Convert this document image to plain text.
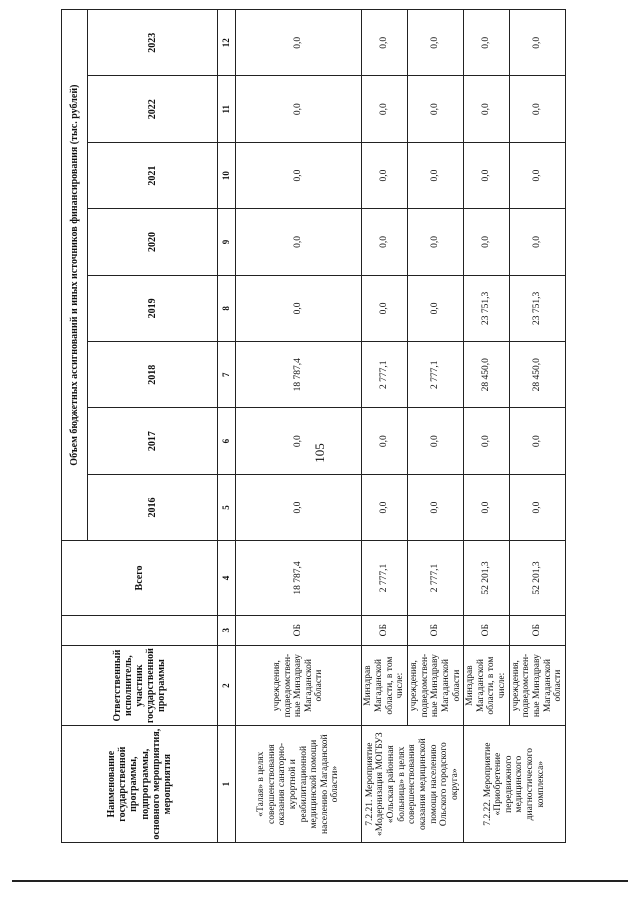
105
Наименование государственной программы, подпрограммы, основного мероприятия, мероприятия	Ответственный исполнитель, участник государственной программы		Всего	Объем бюджетных ассигнований и иных источников финансирования (тыс. рублей)							
				2016	2017	2018	2019	2020	2021	2022	2023
1	2	3	4	5	6	7	8	9	10	11	12
«Талая» в целях совершенствования оказания санаторно-курортной и реабилитационной медицинской помощи населению Магаданской области»	учреждения, подведомствен-ные Минздраву Магаданской области	ОБ	18 787,4	0,0	0,0	18 787,4	0,0	0,0	0,0	0,0	0,0
7.2.21. Мероприятие «Модернизация МОГБУЗ «Ольская районная больница» в целях совершенствования оказания медицинской помощи населению Ольского городского округа»	Минздрав Магаданской области, в том числе:	ОБ	2 777,1	0,0	0,0	2 777,1	0,0	0,0	0,0	0,0	0,0
	учреждения, подведомствен-ные Минздраву Магаданской области	ОБ	2 777,1	0,0	0,0	2 777,1	0,0	0,0	0,0	0,0	0,0
7.2.22. Мероприятие «Приобретение передвижного медицинского диагностического комплекса»	Минздрав Магаданской области, в том числе:	ОБ	52 201,3	0,0	0,0	28 450,0	23 751,3	0,0	0,0	0,0	0,0
	учреждения, подведомствен-ные Минздраву Магаданской области	ОБ	52 201,3	0,0	0,0	28 450,0	23 751,3	0,0	0,0	0,0	0,0
